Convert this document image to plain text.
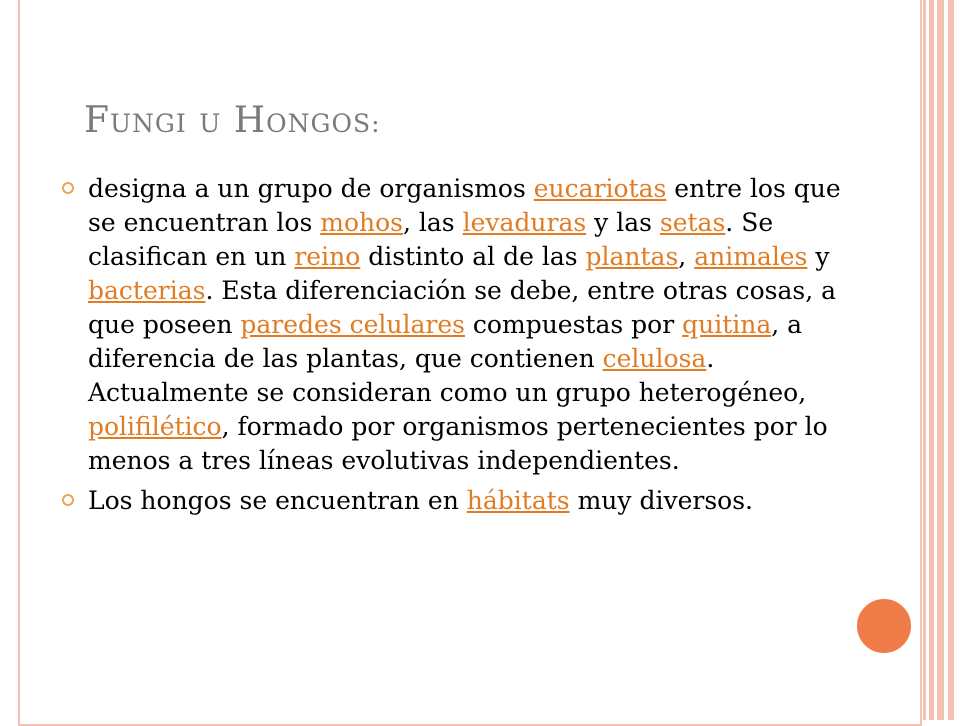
FUNGI U HONGOS:
designa a un grupo de organismos eucariotas entre los que se encuentran los mohos, las levaduras y las setas. Se clasifican en un reino distinto al de las plantas, animales y bacterias. Esta diferenciación se debe, entre otras cosas, a que poseen paredes celulares compuestas por quitina, a diferencia de las plantas, que contienen celulosa. Actualmente se consideran como un grupo heterogéneo, polifilético, formado por organismos pertenecientes por lo menos a tres líneas evolutivas independientes.
Los hongos se encuentran en hábitats muy diversos.
